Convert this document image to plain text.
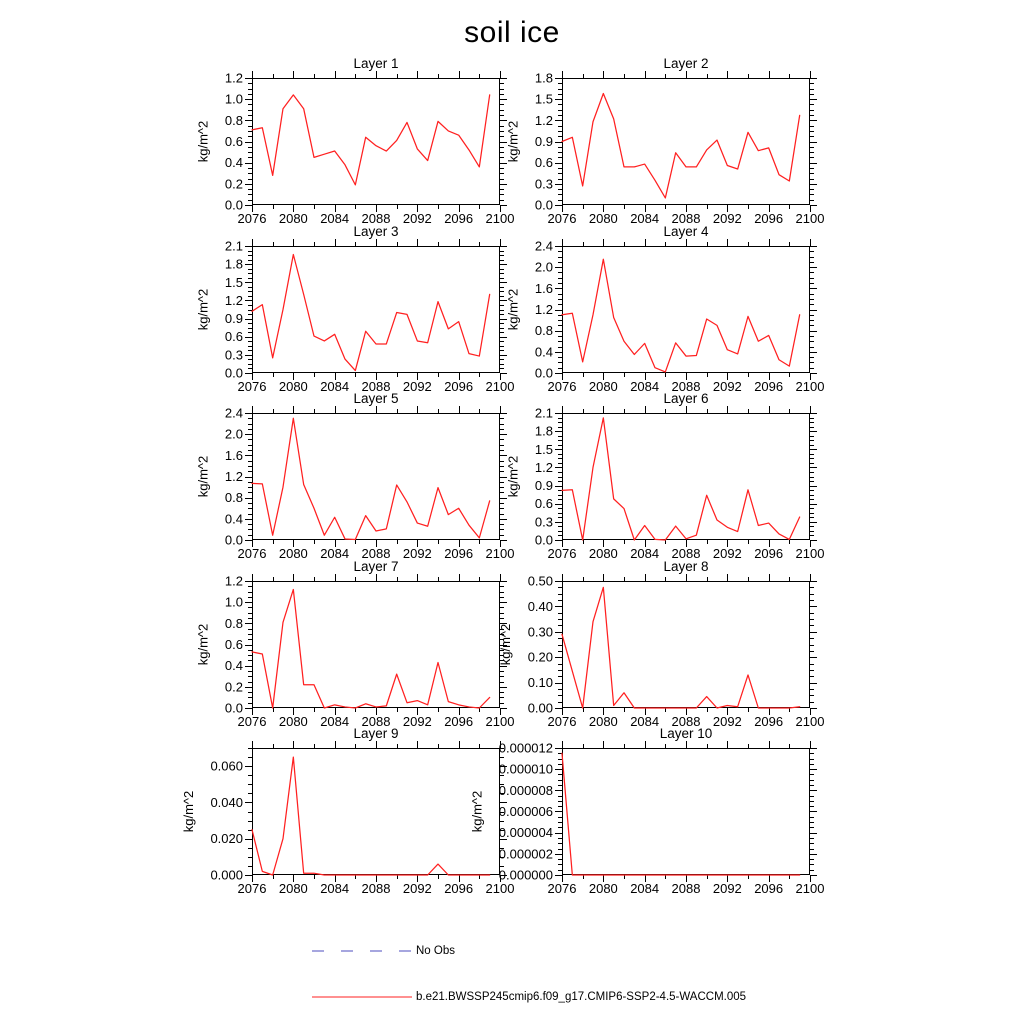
soil ice
Layer 1
2076 2080 2084 2088 2092 2096 2100
0.0
0.2
0.4
0.6
0.8
1.0
1.2
kg/m^2
Layer 2
2076 2080 2084 2088 2092 2096 2100
0.0
0.3
0.6
0.9
1.2
1.5
1.8
kg/m^2
Layer 3
2076 2080 2084 2088 2092 2096 2100
0.0
0.3
0.6
0.9
1.2
1.5
1.8
2.1
kg/m^2
Layer 4
2076 2080 2084 2088 2092 2096 2100
0.0
0.4
0.8
1.2
1.6
2.0
2.4
kg/m^2
Layer 5
2076 2080 2084 2088 2092 2096 2100
0.0
0.4
0.8
1.2
1.6
2.0
2.4
kg/m^2
Layer 6
2076 2080 2084 2088 2092 2096 2100
0.0
0.3
0.6
0.9
1.2
1.5
1.8
2.1
kg/m^2
Layer 7
2076 2080 2084 2088 2092 2096 2100
0.0
0.2
0.4
0.6
0.8
1.0
1.2
kg/m^2
Layer 8
2076 2080 2084 2088 2092 2096 2100
0.00
0.10
0.20
0.30
0.40
0.50
kg/m^2
Layer 9
2076 2080 2084 2088 2092 2096 2100
0.000
0.020
0.040
0.060
kg/m^2
Layer 10
2076 2080 2084 2088 2092 2096 2100
0.000000
0.000002
0.000004
0.000006
0.000008
0.000010
0.000012
kg/m^2
No Obs
b.e21.BWSSP245cmip6.f09_g17.CMIP6-SSP2-4.5-WACCM.005
